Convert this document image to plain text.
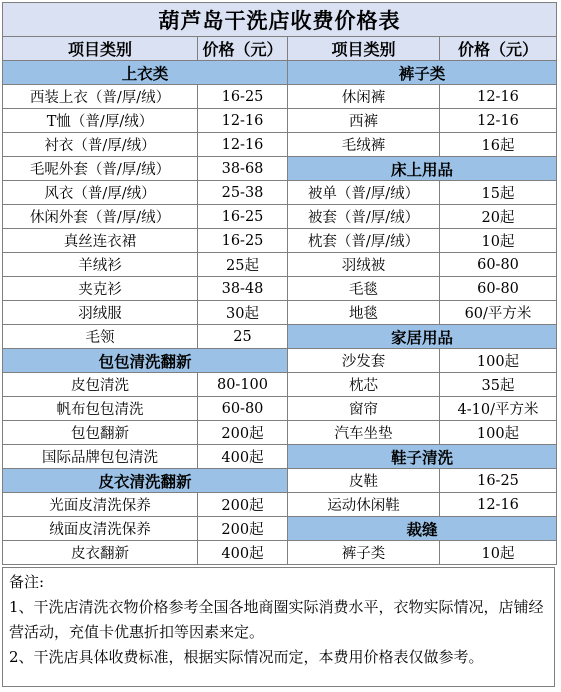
葫芦岛干洗店收费价格表			
项目类别	价格（元）	项目类别	价格（元）
上衣类		裤子类	
西装上衣（普/厚/绒）	16-25	休闲裤	12-16
T恤（普/厚/绒）	12-16	西裤	12-16
衬衣（普/厚/绒）	12-16	毛绒裤	16起
毛呢外套（普/厚/绒）	38-68	床上用品	
风衣（普/厚/绒）	25-38	被单（普/厚/绒）	15起
休闲外套（普/厚/绒）	16-25	被套（普/厚/绒）	20起
真丝连衣裙	16-25	枕套（普/厚/绒）	10起
羊绒衫	25起	羽绒被	60-80
夹克衫	38-48	毛毯	60-80
羽绒服	30起	地毯	60/平方米
毛领	25	家居用品	
包包清洗翻新		沙发套	100起
皮包清洗	80-100	枕芯	35起
帆布包包清洗	60-80	窗帘	4-10/平方米
包包翻新	200起	汽车坐垫	100起
国际品牌包包清洗	400起	鞋子清洗	
皮衣清洗翻新		皮鞋	16-25
光面皮清洗保养	200起	运动休闲鞋	12-16
绒面皮清洗保养	200起	裁缝	
皮衣翻新	400起	裤子类	10起

备注:

1、干洗店清洗衣物价格参考全国各地商圈实际消费水平，衣物实际情况，店铺经营活动，充值卡优惠折扣等因素来定。

2、干洗店具体收费标准，根据实际情况而定，本费用价格表仅做参考。
